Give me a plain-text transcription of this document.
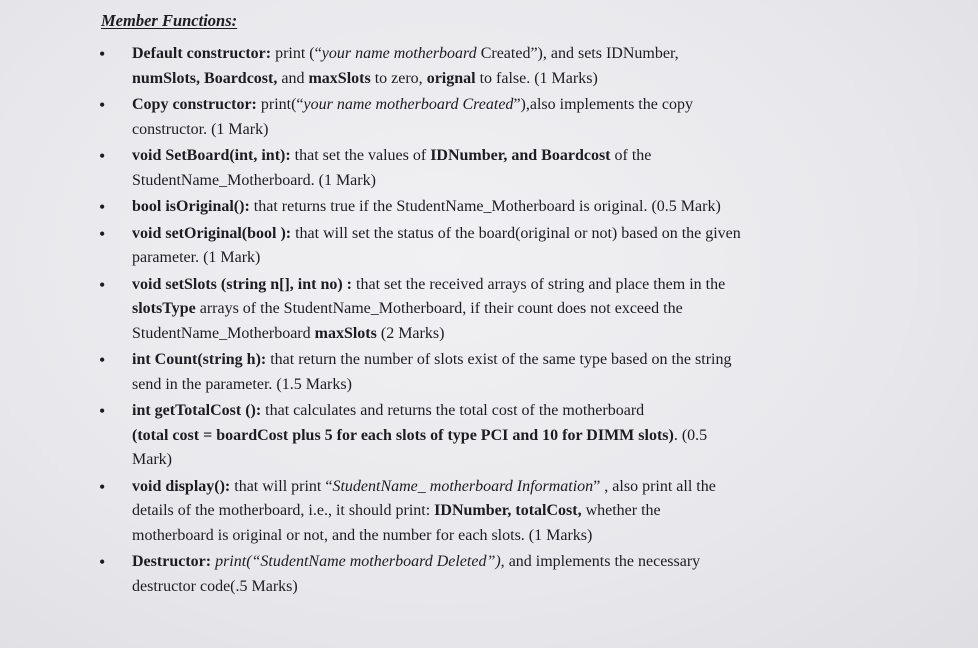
Member Functions:
• Default constructor: print (“your name motherboard Created”), and sets IDNumber,
numSlots, Boardcost, and maxSlots to zero, orignal to false. (1 Marks)

• Copy constructor: print(“your name motherboard Created”),also implements the copy
constructor. (1 Mark)

• void SetBoard(int, int): that set the values of IDNumber, and Boardcost of the
StudentName_Motherboard. (1 Mark)

• bool isOriginal(): that returns true if the StudentName_Motherboard is original. (0.5 Mark)

• void setOriginal(bool ): that will set the status of the board(original or not) based on the given
parameter. (1 Mark)

• void setSlots (string n[], int no) : that set the received arrays of string and place them in the
slotsType arrays of the StudentName_Motherboard, if their count does not exceed the
StudentName_Motherboard maxSlots (2 Marks)

• int Count(string h): that return the number of slots exist of the same type based on the string
send in the parameter. (1.5 Marks)

• int getTotalCost (): that calculates and returns the total cost of the motherboard
(total cost = boardCost plus 5 for each slots of type PCI and 10 for DIMM slots). (0.5
Mark)

• void display(): that will print “StudentName_ motherboard Information” , also print all the
details of the motherboard, i.e., it should print: IDNumber, totalCost, whether the
motherboard is original or not, and the number for each slots. (1 Marks)

• Destructor: print(“StudentName motherboard Deleted”), and implements the necessary
destructor code(.5 Marks)
